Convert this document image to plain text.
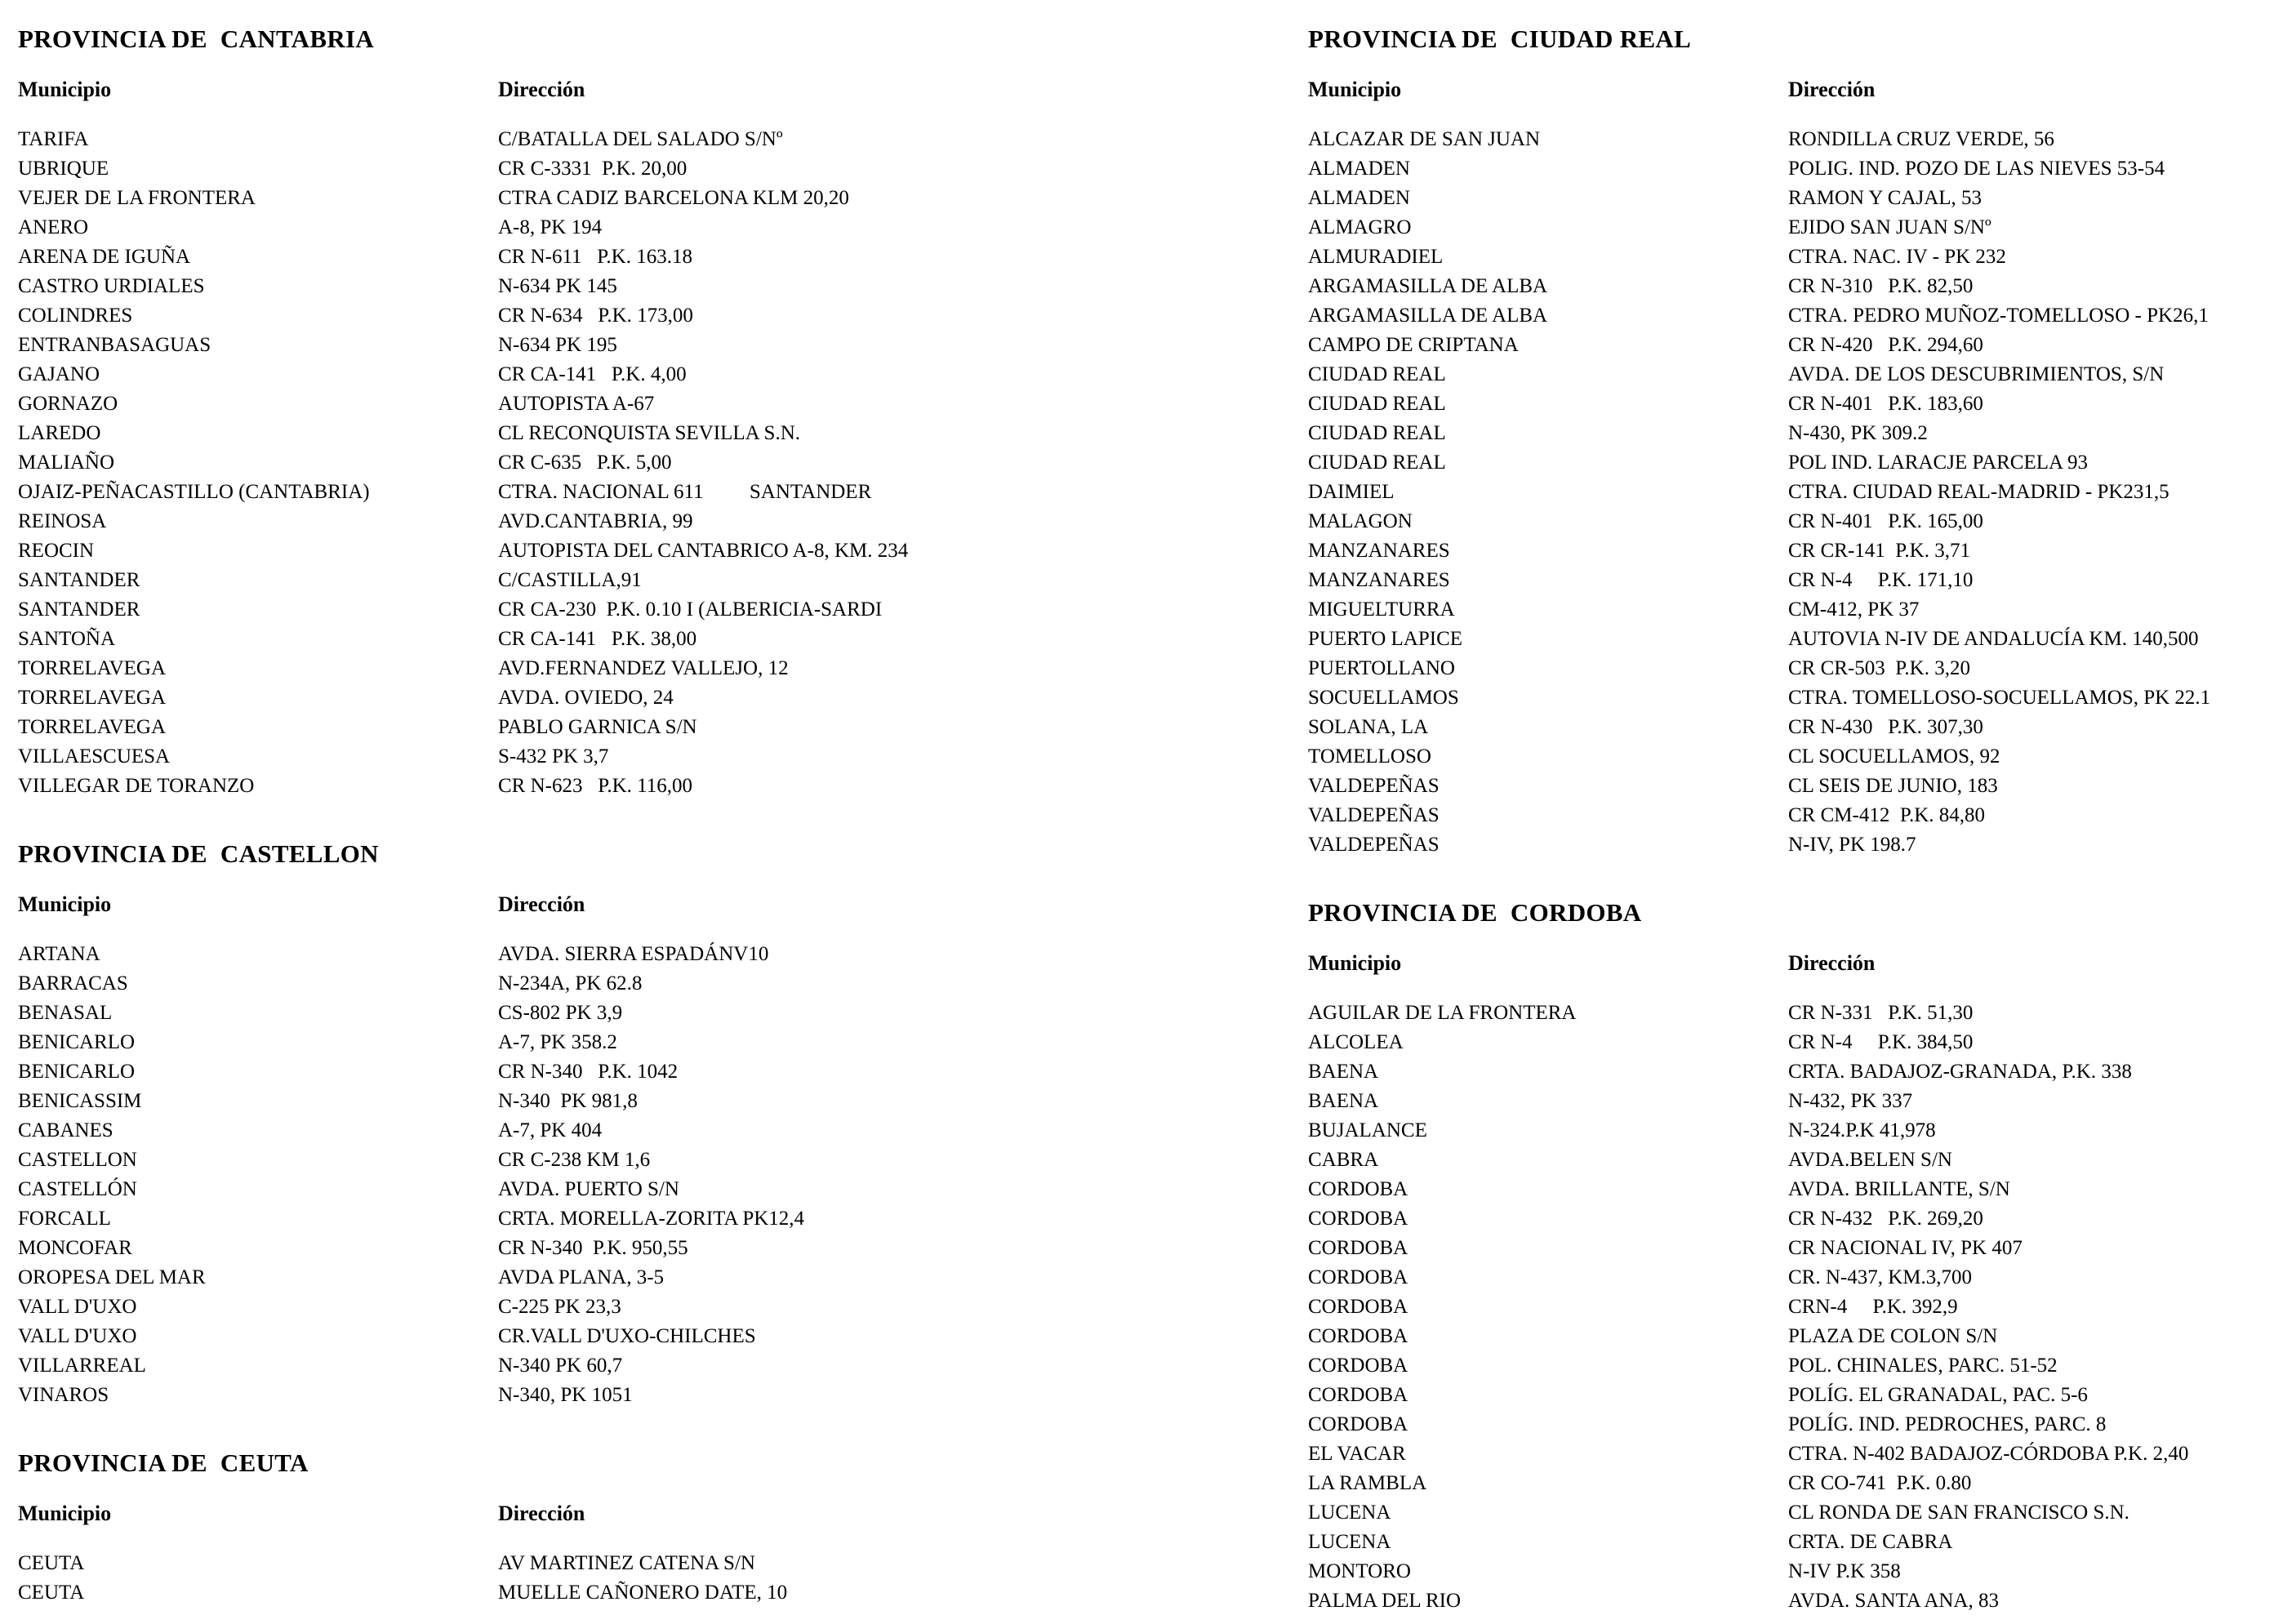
PROVINCIA DE  CANTABRIA
Municipio	Dirección
TARIFA	C/BATALLA DEL SALADO S/Nº
UBRIQUE	CR C-3331  P.K. 20,00
VEJER DE LA FRONTERA	CTRA CADIZ BARCELONA KLM 20,20
ANERO	A-8, PK 194
ARENA DE IGUÑA	CR N-611   P.K. 163.18
CASTRO URDIALES	N-634 PK 145
COLINDRES	CR N-634   P.K. 173,00
ENTRANBASAGUAS	N-634 PK 195
GAJANO	CR CA-141   P.K. 4,00
GORNAZO	AUTOPISTA A-67
LAREDO	CL RECONQUISTA SEVILLA S.N.
MALIAÑO	CR C-635   P.K. 5,00
OJAIZ-PEÑACASTILLO (CANTABRIA)	CTRA. NACIONAL 611         SANTANDER
REINOSA	AVD.CANTABRIA, 99
REOCIN	AUTOPISTA DEL CANTABRICO A-8, KM. 234
SANTANDER	C/CASTILLA,91
SANTANDER	CR CA-230  P.K. 0.10 I (ALBERICIA-SARDI
SANTOÑA	CR CA-141   P.K. 38,00
TORRELAVEGA	AVD.FERNANDEZ VALLEJO, 12
TORRELAVEGA	AVDA. OVIEDO, 24
TORRELAVEGA	PABLO GARNICA S/N
VILLAESCUESA	S-432 PK 3,7
VILLEGAR DE TORANZO	CR N-623   P.K. 116,00
PROVINCIA DE  CASTELLON
Municipio	Dirección
ARTANA	AVDA. SIERRA ESPADÁNV10
BARRACAS	N-234A, PK 62.8
BENASAL	CS-802 PK 3,9
BENICARLO	A-7, PK 358.2
BENICARLO	CR N-340   P.K. 1042
BENICASSIM	N-340  PK 981,8
CABANES	A-7, PK 404
CASTELLON	CR C-238 KM 1,6
CASTELLÓN	AVDA. PUERTO S/N
FORCALL	CRTA. MORELLA-ZORITA PK12,4
MONCOFAR	CR N-340  P.K. 950,55
OROPESA DEL MAR	AVDA PLANA, 3-5
VALL D'UXO	C-225 PK 23,3
VALL D'UXO	CR.VALL D'UXO-CHILCHES
VILLARREAL	N-340 PK 60,7
VINAROS	N-340, PK 1051
PROVINCIA DE  CEUTA
Municipio	Dirección
CEUTA	AV MARTINEZ CATENA S/N
CEUTA	MUELLE CAÑONERO DATE, 10
PROVINCIA DE  CIUDAD REAL
Municipio	Dirección
ALCAZAR DE SAN JUAN	RONDILLA CRUZ VERDE, 56
ALMADEN	POLIG. IND. POZO DE LAS NIEVES 53-54
ALMADEN	RAMON Y CAJAL, 53
ALMAGRO	EJIDO SAN JUAN S/Nº
ALMURADIEL	CTRA. NAC. IV - PK 232
ARGAMASILLA DE ALBA	CR N-310   P.K. 82,50
ARGAMASILLA DE ALBA	CTRA. PEDRO MUÑOZ-TOMELLOSO - PK26,1
CAMPO DE CRIPTANA	CR N-420   P.K. 294,60
CIUDAD REAL	AVDA. DE LOS DESCUBRIMIENTOS, S/N
CIUDAD REAL	CR N-401   P.K. 183,60
CIUDAD REAL	N-430, PK 309.2
CIUDAD REAL	POL IND. LARACJE PARCELA 93
DAIMIEL	CTRA. CIUDAD REAL-MADRID - PK231,5
MALAGON	CR N-401   P.K. 165,00
MANZANARES	CR CR-141  P.K. 3,71
MANZANARES	CR N-4     P.K. 171,10
MIGUELTURRA	CM-412, PK 37
PUERTO LAPICE	AUTOVIA N-IV DE ANDALUCÍA KM. 140,500
PUERTOLLANO	CR CR-503  P.K. 3,20
SOCUELLAMOS	CTRA. TOMELLOSO-SOCUELLAMOS, PK 22.1
SOLANA, LA	CR N-430   P.K. 307,30
TOMELLOSO	CL SOCUELLAMOS, 92
VALDEPEÑAS	CL SEIS DE JUNIO, 183
VALDEPEÑAS	CR CM-412  P.K. 84,80
VALDEPEÑAS	N-IV, PK 198.7
PROVINCIA DE  CORDOBA
Municipio	Dirección
AGUILAR DE LA FRONTERA	CR N-331   P.K. 51,30
ALCOLEA	CR N-4     P.K. 384,50
BAENA	CRTA. BADAJOZ-GRANADA, P.K. 338
BAENA	N-432, PK 337
BUJALANCE	N-324.P.K 41,978
CABRA	AVDA.BELEN S/N
CORDOBA	AVDA. BRILLANTE, S/N
CORDOBA	CR N-432   P.K. 269,20
CORDOBA	CR NACIONAL IV, PK 407
CORDOBA	CR. N-437, KM.3,700
CORDOBA	CRN-4     P.K. 392,9
CORDOBA	PLAZA DE COLON S/N
CORDOBA	POL. CHINALES, PARC. 51-52
CORDOBA	POLÍG. EL GRANADAL, PAC. 5-6
CORDOBA	POLÍG. IND. PEDROCHES, PARC. 8
EL VACAR	CTRA. N-402 BADAJOZ-CÓRDOBA P.K. 2,40
LA RAMBLA	CR CO-741  P.K. 0.80
LUCENA	CL RONDA DE SAN FRANCISCO S.N.
LUCENA	CRTA. DE CABRA
MONTORO	N-IV P.K 358
PALMA DEL RIO	AVDA. SANTA ANA, 83
